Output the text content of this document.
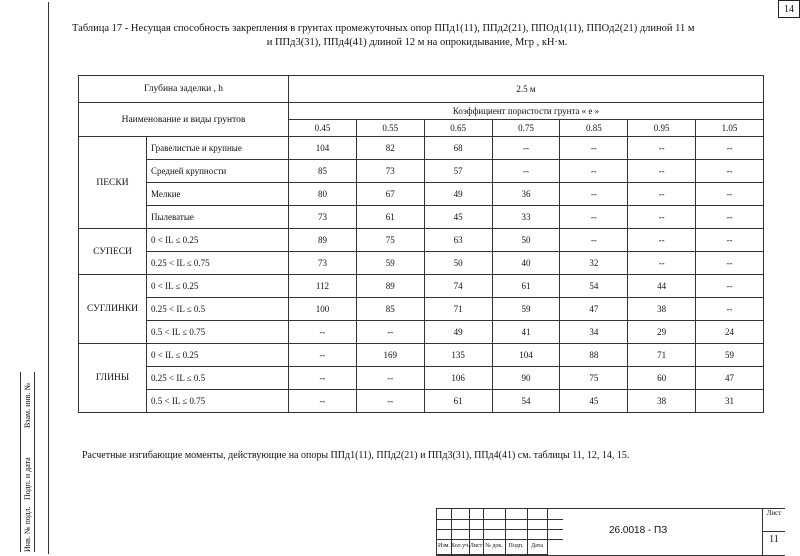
14
Таблица 17 - Несущая способность закрепления в грунтах промежуточных опор ППд1(11), ППд2(21), ППОд1(11), ППОд2(21) длиной 11 м
и ППд3(31), ППд4(41) длиной 12 м на опрокидывание, Мгр , кН·м.
Глубина заделки , h		2.5 м						
Наименование и виды грунтов		Коэффициент пористости грунта « е »						
		0.45	0.55	0.65	0.75	0.85	0.95	1.05
ПЕСКИ	Гравелистые и крупные	104	82	68	--	--	--	--
	Средней крупности	85	73	57	--	--	--	--
	Мелкие	80	67	49	36	--	--	--
	Пылеватые	73	61	45	33	--	--	--
СУПЕСИ	0 < IL ≤ 0.25	89	75	63	50	--	--	--
	0.25 < IL ≤ 0.75	73	59	50	40	32	--	--
СУГЛИНКИ	0 < IL ≤ 0.25	112	89	74	61	54	44	--
	0.25 < IL ≤ 0.5	100	85	71	59	47	38	--
	0.5 < IL ≤ 0.75	--	--	49	41	34	29	24
ГЛИНЫ	0 < IL ≤ 0.25	--	169	135	104	88	71	59
	0.25 < IL ≤ 0.5	--	--	106	90	75	60	47
	0.5 < IL ≤ 0.75	--	--	61	54	45	38	31
Расчетные изгибающие моменты, действующие на опоры ППд1(11), ППд2(21) и ППд3(31), ППд4(41) см. таблицы 11, 12, 14, 15.
Взам. инв. №
Подп. и дата
Инв. № подл.	Изм. Кол.уч. Лист № док. Подп.	Дата
26.0018 - ПЗ
Лист
11
